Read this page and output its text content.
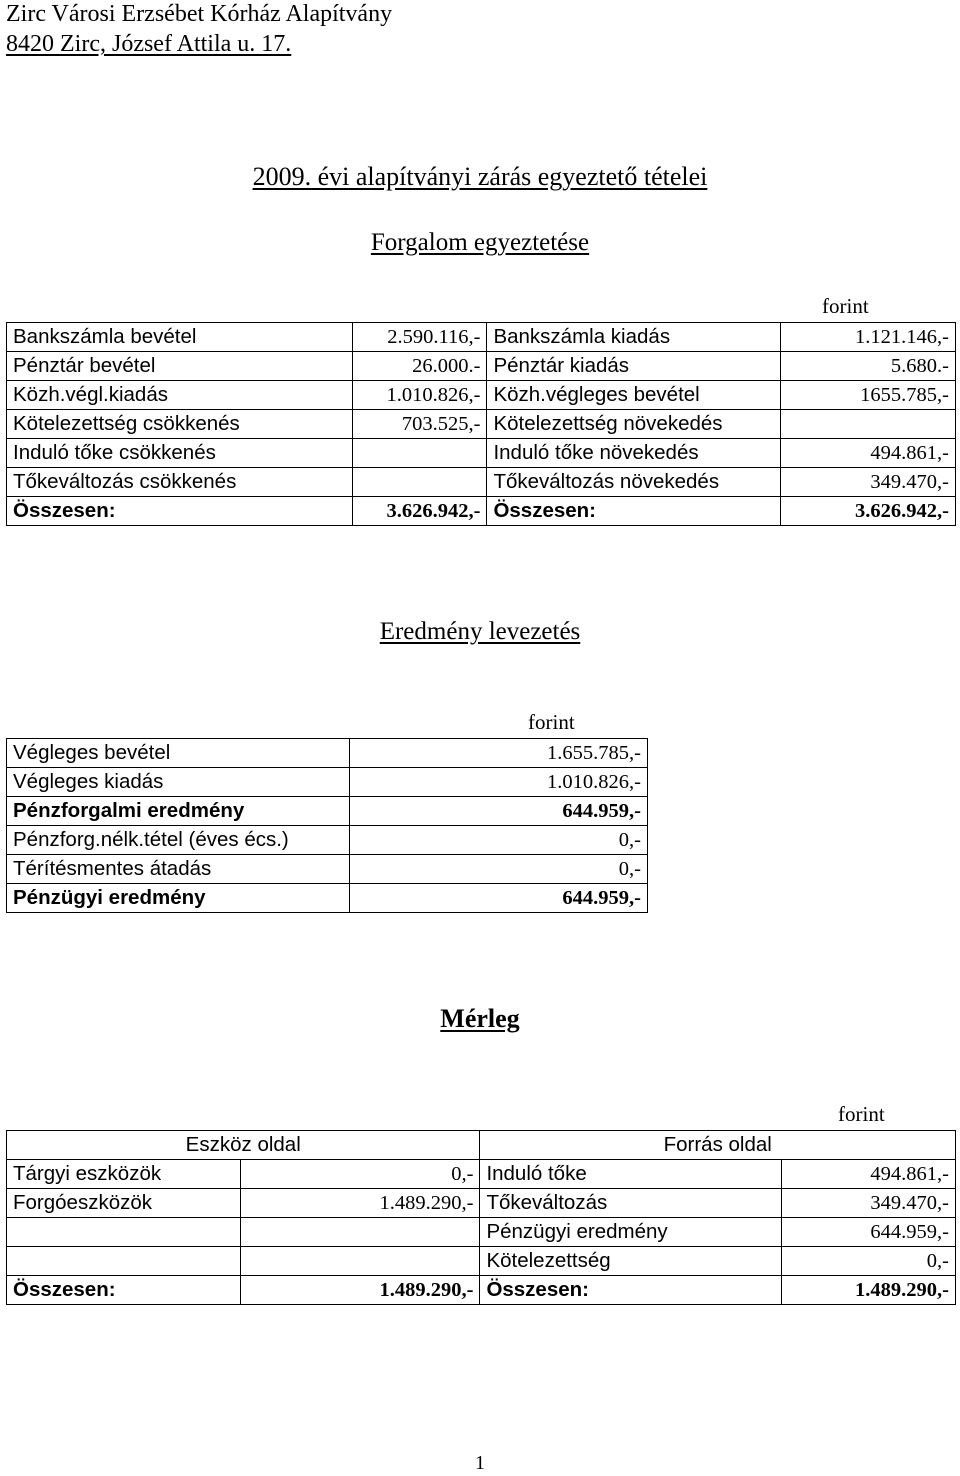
Zirc Városi Erzsébet Kórház Alapítvány
8420 Zirc, József Attila u. 17.
2009. évi alapítványi zárás egyeztető tételei
Forgalom egyeztetése
forint
Bankszámla bevétel	2.590.116,-	Bankszámla kiadás	1.121.146,-
Pénztár bevétel	26.000.-	Pénztár kiadás	5.680.-
Közh.végl.kiadás	1.010.826,-	Közh.végleges bevétel	1655.785,-
Kötelezettség csökkenés	703.525,-	Kötelezettség növekedés	
Induló tőke csökkenés		Induló tőke növekedés	494.861,-
Tőkeváltozás csökkenés		Tőkeváltozás növekedés	349.470,-
Összesen:	3.626.942,-	Összesen:	3.626.942,-
Eredmény levezetés
forint
Végleges bevétel	1.655.785,-
Végleges kiadás	1.010.826,-
Pénzforgalmi eredmény	644.959,-
Pénzforg.nélk.tétel (éves écs.)	0,-
Térítésmentes átadás	0,-
Pénzügyi eredmény	644.959,-
Mérleg
forint
Eszköz oldal		Forrás oldal	
Tárgyi eszközök	0,-	Induló tőke	494.861,-
Forgóeszközök	1.489.290,-	Tőkeváltozás	349.470,-
		Pénzügyi eredmény	644.959,-
		Kötelezettség	0,-
Összesen:	1.489.290,-	Összesen:	1.489.290,-
1
